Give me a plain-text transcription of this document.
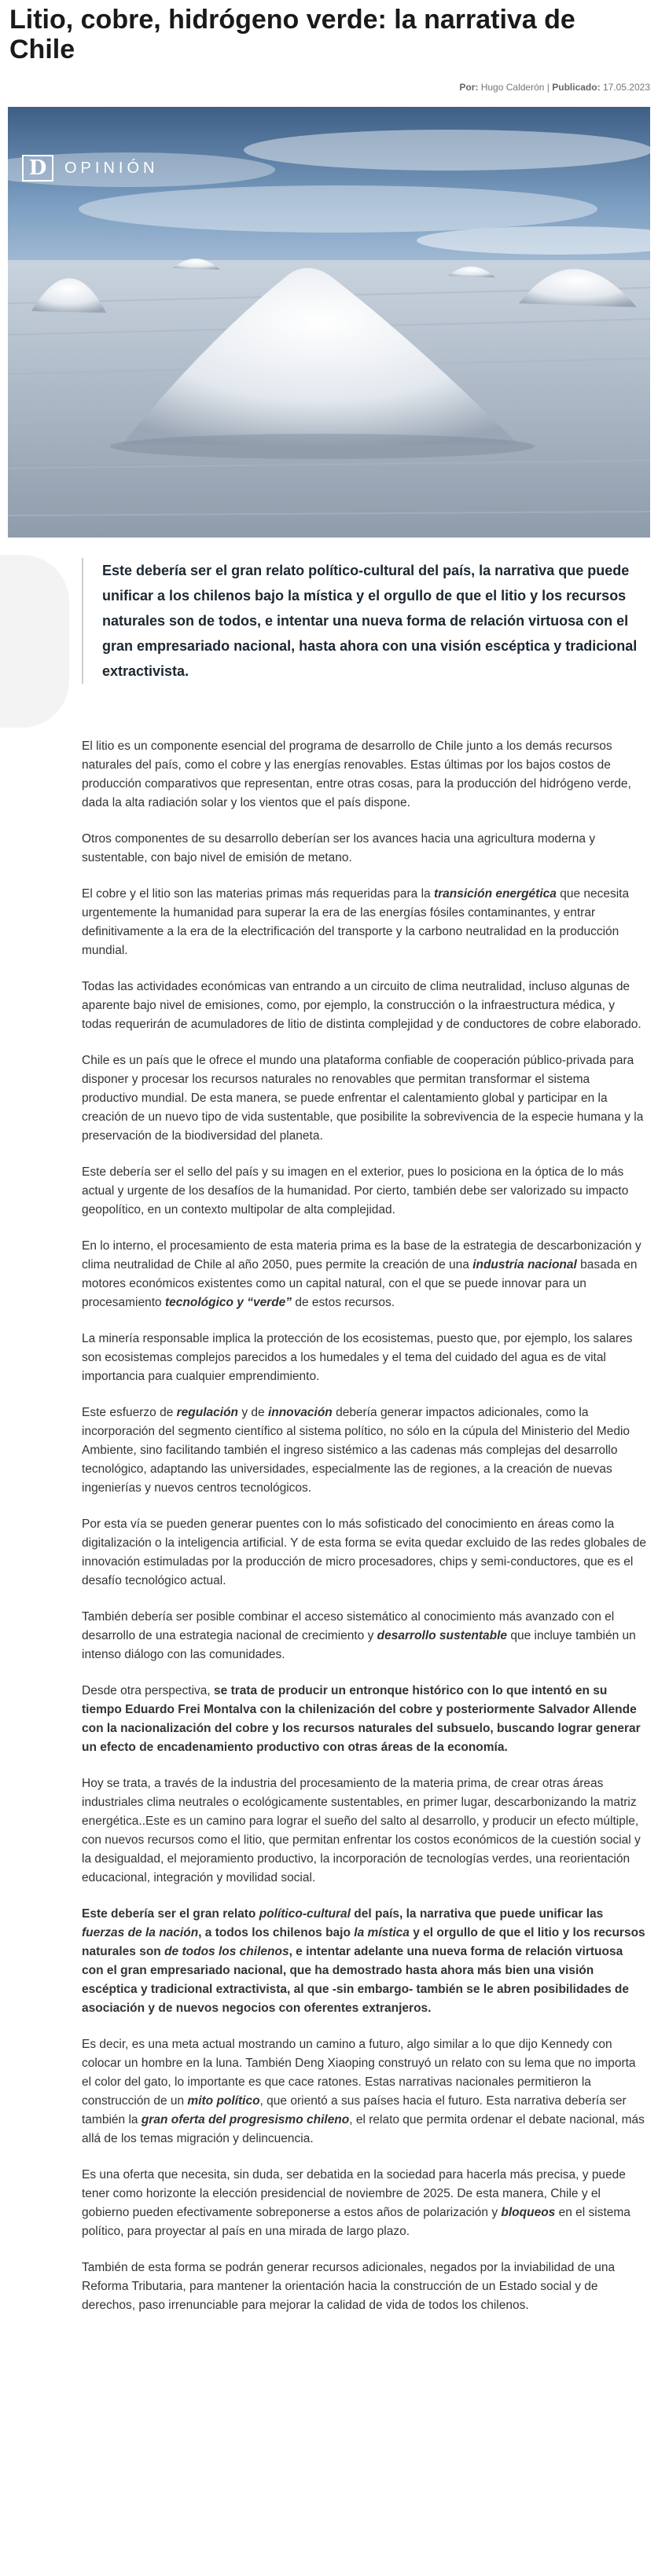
Litio, cobre, hidrógeno verde: la narrativa de Chile
Por: Hugo Calderón | Publicado: 17.05.2023
D	OPINIÓN

Este debería ser el gran relato político-cultural del país, la narrativa que puede unificar a los chilenos bajo la mística y el orgullo de que el litio y los recursos naturales son de todos, e intentar una nueva forma de relación virtuosa con el gran empresariado nacional, hasta ahora con una visión escéptica y tradicional extractivista.

El litio es un componente esencial del programa de desarrollo de Chile junto a los demás recursos naturales del país, como el cobre y las energías renovables. Estas últimas por los bajos costos de producción comparativos que representan, entre otras cosas, para la producción del hidrógeno verde, dada la alta radiación solar y los vientos que el país dispone.

Otros componentes de su desarrollo deberían ser los avances hacia una agricultura moderna y sustentable, con bajo nivel de emisión de metano.

El cobre y el litio son las materias primas más requeridas para la transición energética que necesita urgentemente la humanidad para superar la era de las energías fósiles contaminantes, y entrar definitivamente a la era de la electrificación del transporte y la carbono neutralidad en la producción mundial.

Todas las actividades económicas van entrando a un circuito de clima neutralidad, incluso algunas de aparente bajo nivel de emisiones, como, por ejemplo, la construcción o la infraestructura médica, y todas requerirán de acumuladores de litio de distinta complejidad y de conductores de cobre elaborado.

Chile es un país que le ofrece el mundo una plataforma confiable de cooperación público-privada para disponer y procesar los recursos naturales no renovables que permitan transformar el sistema productivo mundial. De esta manera, se puede enfrentar el calentamiento global y participar en la creación de un nuevo tipo de vida sustentable, que posibilite la sobrevivencia de la especie humana y la preservación de la biodiversidad del planeta.

Este debería ser el sello del país y su imagen en el exterior, pues lo posiciona en la óptica de lo más actual y urgente de los desafíos de la humanidad. Por cierto, también debe ser valorizado su impacto geopolítico, en un contexto multipolar de alta complejidad.

En lo interno, el procesamiento de esta materia prima es la base de la estrategia de descarbonización y clima neutralidad de Chile al año 2050, pues permite la creación de una industria nacional basada en motores económicos existentes como un capital natural, con el que se puede innovar para un procesamiento tecnológico y “verde” de estos recursos.

La minería responsable implica la protección de los ecosistemas, puesto que, por ejemplo, los salares son ecosistemas complejos parecidos a los humedales y el tema del cuidado del agua es de vital importancia para cualquier emprendimiento.

Este esfuerzo de regulación y de innovación debería generar impactos adicionales, como la incorporación del segmento científico al sistema político, no sólo en la cúpula del Ministerio del Medio Ambiente, sino facilitando también el ingreso sistémico a las cadenas más complejas del desarrollo tecnológico, adaptando las universidades, especialmente las de regiones, a la creación de nuevas ingenierías y nuevos centros tecnológicos.

Por esta vía se pueden generar puentes con lo más sofisticado del conocimiento en áreas como la digitalización o la inteligencia artificial. Y de esta forma se evita quedar excluido de las redes globales de innovación estimuladas por la producción de micro procesadores, chips y semi-conductores, que es el desafío tecnológico actual.

También debería ser posible combinar el acceso sistemático al conocimiento más avanzado con el desarrollo de una estrategia nacional de crecimiento y desarrollo sustentable que incluye también un intenso diálogo con las comunidades.

Desde otra perspectiva, se trata de producir un entronque histórico con lo que intentó en su tiempo Eduardo Frei Montalva con la chilenización del cobre y posteriormente Salvador Allende con la nacionalización del cobre y los recursos naturales del subsuelo, buscando lograr generar un efecto de encadenamiento productivo con otras áreas de la economía.

Hoy se trata, a través de la industria del procesamiento de la materia prima, de crear otras áreas industriales clima neutrales o ecológicamente sustentables, en primer lugar, descarbonizando la matriz energética..Este es un camino para lograr el sueño del salto al desarrollo, y producir un efecto múltiple, con nuevos recursos como el litio, que permitan enfrentar los costos económicos de la cuestión social y la desigualdad, el mejoramiento productivo, la incorporación de tecnologías verdes, una reorientación educacional, integración y movilidad social.

Este debería ser el gran relato político-cultural del país, la narrativa que puede unificar las fuerzas de la nación, a todos los chilenos bajo la mística y el orgullo de que el litio y los recursos naturales son de todos los chilenos, e intentar adelante una nueva forma de relación virtuosa con el gran empresariado nacional, que ha demostrado hasta ahora más bien una visión escéptica y tradicional extractivista, al que -sin embargo- también se le abren posibilidades de asociación y de nuevos negocios con oferentes extranjeros.

Es decir, es una meta actual mostrando un camino a futuro, algo similar a lo que dijo Kennedy con colocar un hombre en la luna. También Deng Xiaoping construyó un relato con su lema que no importa el color del gato, lo importante es que cace ratones. Estas narrativas nacionales permitieron la construcción de un mito político, que orientó a sus países hacia el futuro. Esta narrativa debería ser también la gran oferta del progresismo chileno, el relato que permita ordenar el debate nacional, más allá de los temas migración y delincuencia.

Es una oferta que necesita, sin duda, ser debatida en la sociedad para hacerla más precisa, y puede tener como horizonte la elección presidencial de noviembre de 2025. De esta manera, Chile y el gobierno pueden efectivamente sobreponerse a estos años de polarización y bloqueos en el sistema político, para proyectar al país en una mirada de largo plazo.

También de esta forma se podrán generar recursos adicionales, negados por la inviabilidad de una Reforma Tributaria, para mantener la orientación hacia la construcción de un Estado social y de derechos, paso irrenunciable para mejorar la calidad de vida de todos los chilenos.
